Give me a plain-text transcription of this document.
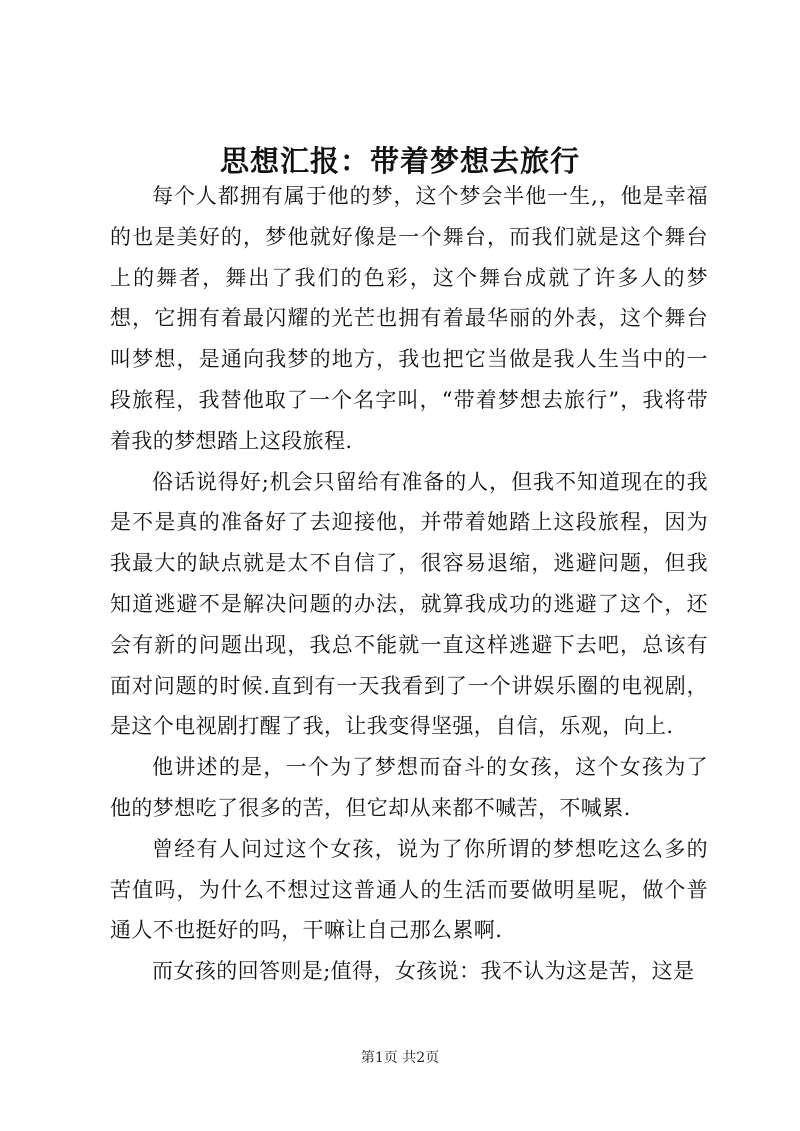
思想汇报：带着梦想去旅行

每个人都拥有属于他的梦，这个梦会半他一生,，他是幸福的也是美好的，梦他就好像是一个舞台，而我们就是这个舞台上的舞者，舞出了我们的色彩，这个舞台成就了许多人的梦想，它拥有着最闪耀的光芒也拥有着最华丽的外表，这个舞台叫梦想，是通向我梦的地方，我也把它当做是我人生当中的一段旅程，我替他取了一个名字叫，“带着梦想去旅行”，我将带着我的梦想踏上这段旅程.

俗话说得好;机会只留给有准备的人，但我不知道现在的我是不是真的准备好了去迎接他，并带着她踏上这段旅程，因为我最大的缺点就是太不自信了，很容易退缩，逃避问题，但我知道逃避不是解决问题的办法，就算我成功的逃避了这个，还会有新的问题出现，我总不能就一直这样逃避下去吧，总该有面对问题的时候.直到有一天我看到了一个讲娱乐圈的电视剧，是这个电视剧打醒了我，让我变得坚强，自信，乐观，向上.

他讲述的是，一个为了梦想而奋斗的女孩，这个女孩为了他的梦想吃了很多的苦，但它却从来都不喊苦，不喊累.

曾经有人问过这个女孩，说为了你所谓的梦想吃这么多的苦值吗，为什么不想过这普通人的生活而要做明星呢，做个普通人不也挺好的吗，干嘛让自己那么累啊.

而女孩的回答则是;值得，女孩说：我不认为这是苦，这是

第1页 共2页
